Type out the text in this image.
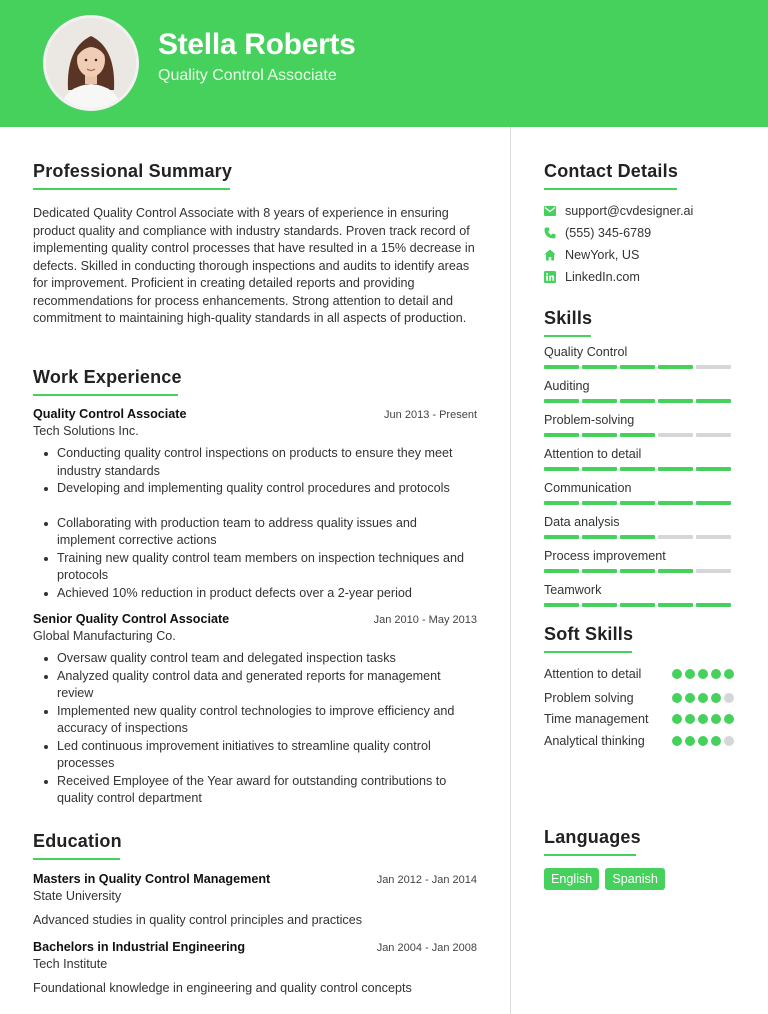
Stella Roberts
Quality Control Associate
Professional Summary
Dedicated Quality Control Associate with 8 years of experience in ensuring product quality and compliance with industry standards. Proven track record of implementing quality control processes that have resulted in a 15% decrease in defects. Skilled in conducting thorough inspections and audits to identify areas for improvement. Proficient in creating detailed reports and providing recommendations for process enhancements. Strong attention to detail and commitment to maintaining high-quality standards in all aspects of production.
Work Experience
Quality Control Associate	Jun 2013 - Present
Tech Solutions Inc.
Conducting quality control inspections on products to ensure they meet industry standards
Developing and implementing quality control procedures and protocols
Collaborating with production team to address quality issues and implement corrective actions
Training new quality control team members on inspection techniques and protocols
Achieved 10% reduction in product defects over a 2-year period
Senior Quality Control Associate	Jan 2010 - May 2013
Global Manufacturing Co.
Oversaw quality control team and delegated inspection tasks
Analyzed quality control data and generated reports for management review
Implemented new quality control technologies to improve efficiency and accuracy of inspections
Led continuous improvement initiatives to streamline quality control processes
Received Employee of the Year award for outstanding contributions to quality control department
Education
Masters in Quality Control Management	Jan 2012 - Jan 2014
State University
Advanced studies in quality control principles and practices
Bachelors in Industrial Engineering	Jan 2004 - Jan 2008
Tech Institute
Foundational knowledge in engineering and quality control concepts
Contact Details
support@cvdesigner.ai
(555) 345-6789
NewYork, US
LinkedIn.com
Skills
Quality Control
Auditing
Problem-solving
Attention to detail
Communication
Data analysis
Process improvement
Teamwork
Soft Skills
Attention to detail
Problem solving
Time management
Analytical thinking
Languages
English	Spanish
